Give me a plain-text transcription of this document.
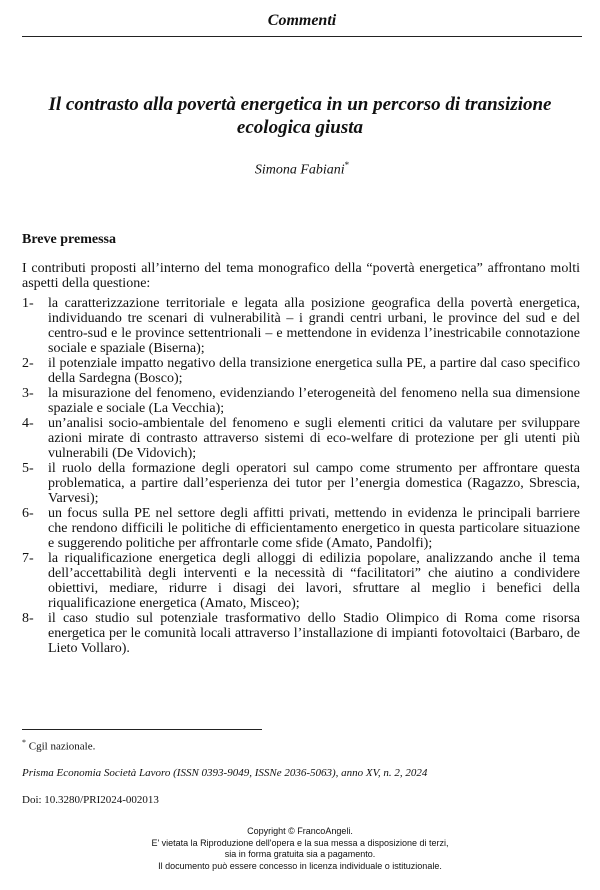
Commenti
Il contrasto alla povertà energetica in un percorso di transizione ecologica giusta
Simona Fabiani*
Breve premessa
I contributi proposti all’interno del tema monografico della “povertà energetica” affrontano molti aspetti della questione:
1-	la caratterizzazione territoriale e legata alla posizione geografica della povertà energetica, individuando tre scenari di vulnerabilità – i grandi centri urbani, le province del sud e del centro-sud e le province settentrionali – e mettendone in evidenza l’inestricabile connotazione sociale e spaziale (Biserna);
2-	il potenziale impatto negativo della transizione energetica sulla PE, a partire dal caso specifico della Sardegna (Bosco);
3-	la misurazione del fenomeno, evidenziando l’eterogeneità del fenomeno nella sua dimensione spaziale e sociale (La Vecchia);
4-	un’analisi socio-ambientale del fenomeno e sugli elementi critici da valutare per sviluppare azioni mirate di contrasto attraverso sistemi di eco-welfare di protezione per gli utenti più vulnerabili (De Vidovich);
5-	il ruolo della formazione degli operatori sul campo come strumento per affrontare questa problematica, a partire dall’esperienza dei tutor per l’energia domestica (Ragazzo, Sbrescia, Varvesi);
6-	un focus sulla PE nel settore degli affitti privati, mettendo in evidenza le principali barriere che rendono difficili le politiche di efficientamento energetico in questa particolare situazione e suggerendo politiche per affrontarle come sfide (Amato, Pandolfi);
7-	la riqualificazione energetica degli alloggi di edilizia popolare, analizzando anche il tema dell’accettabilità degli interventi e la necessità di “facilitatori” che aiutino a condividere obiettivi, mediare, ridurre i disagi dei lavori, sfruttare al meglio i benefici della riqualificazione energetica (Amato, Misceo);
8-	il caso studio sul potenziale trasformativo dello Stadio Olimpico di Roma come risorsa energetica per le comunità locali attraverso l’installazione di impianti fotovoltaici (Barbaro, de Lieto Vollaro).
* Cgil nazionale.
Prisma Economia Società Lavoro (ISSN 0393-9049, ISSNe 2036-5063), anno XV, n. 2, 2024
Doi: 10.3280/PRI2024-002013
Copyright © FrancoAngeli.
E' vietata la Riproduzione dell'opera e la sua messa a disposizione di terzi,
sia in forma gratuita sia a pagamento.
Il documento può essere concesso in licenza individuale o istituzionale.
